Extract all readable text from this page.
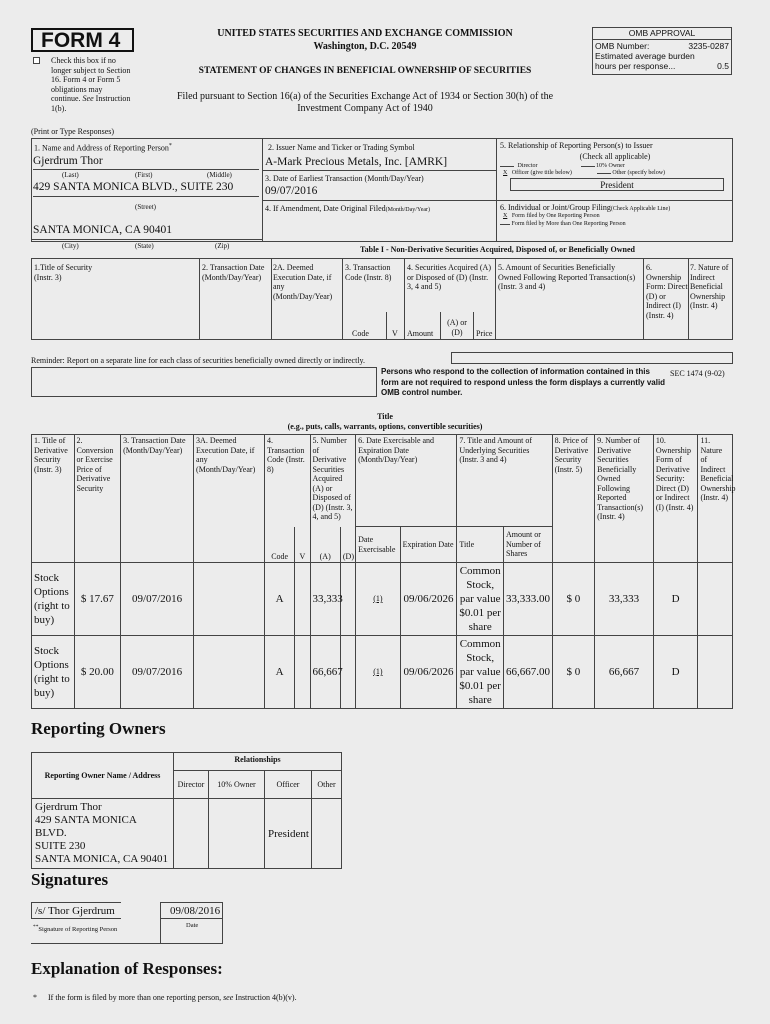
FORM 4
Check this box if no longer subject to Section 16. Form 4 or Form 5 obligations may continue. See Instruction 1(b).
UNITED STATES SECURITIES AND EXCHANGE COMMISSION
Washington, D.C. 20549
STATEMENT OF CHANGES IN BENEFICIAL OWNERSHIP OF SECURITIES
Filed pursuant to Section 16(a) of the Securities Exchange Act of 1934 or Section 30(h) of the
Investment Company Act of 1940
OMB APPROVAL
OMB Number:	3235-0287
Estimated average burden
hours per response...	0.5
(Print or Type Responses)
1. Name and Address of Reporting Person*
Gjerdrum Thor
(Last)	(First)	(Middle)
429 SANTA MONICA BLVD., SUITE 230
(Street)
SANTA MONICA, CA 90401
(City)	(State)	(Zip)
2. Issuer Name and Ticker or Trading Symbol
A-Mark Precious Metals, Inc. [AMRK]
3. Date of Earliest Transaction (Month/Day/Year)
09/07/2016
4. If Amendment, Date Original Filed(Month/Day/Year)
5. Relationship of Reporting Person(s) to Issuer
(Check all applicable)
Director	10% Owner
X Officer (give title below)	Other (specify below)
President
6. Individual or Joint/Group Filing(Check Applicable Line)
X Form filed by One Reporting Person
Form filed by More than One Reporting Person
Table I - Non-Derivative Securities Acquired, Disposed of, or Beneficially Owned
1.Title of Security (Instr. 3)
2. Transaction Date (Month/Day/Year)
2A. Deemed Execution Date, if any (Month/Day/Year)
3. Transaction Code (Instr. 8)
4. Securities Acquired (A) or Disposed of (D) (Instr. 3, 4 and 5)
5. Amount of Securities Beneficially Owned Following Reported Transaction(s) (Instr. 3 and 4)
6. Ownership Form: Direct (D) or Indirect (I) (Instr. 4)
7. Nature of Indirect Beneficial Ownership (Instr. 4)
Code	V Amount
(A) or (D)	Price
Reminder: Report on a separate line for each class of securities beneficially owned directly or indirectly.
Persons who respond to the collection of information contained in this form are not required to respond unless the form displays a currently valid OMB control number.
SEC 1474 (9-02)
Title
(e.g., puts, calls, warrants, options, convertible securities)
1. Title of Derivative Security (Instr. 3)	2. Conversion or Exercise Price of Derivative Security	3. Transaction Date (Month/Day/Year)	3A. Deemed Execution Date, if any (Month/Day/Year)	4. Transaction Code (Instr. 8)		5. Number of Derivative Securities Acquired (A) or Disposed of (D) (Instr. 3, 4, and 5)		6. Date Exercisable and Expiration Date (Month/Day/Year)		7. Title and Amount of Underlying Securities (Instr. 3 and 4)		8. Price of Derivative Security (Instr. 5)	9. Number of Derivative Securities Beneficially Owned Following Reported Transaction(s) (Instr. 4)	10. Ownership Form of Derivative Security: Direct (D) or Indirect (I) (Instr. 4)	11. Nature of Indirect Beneficial Ownership (Instr. 4)
				Code	V	(A)	(D)	Date Exercisable	Expiration Date	Title	Amount or Number of Shares				
Stock Options (right to buy)	$ 17.67	09/07/2016		A		33,333		(1)	09/06/2026	Common Stock, par value $0.01 per share	33,333.00	$ 0	33,333	D	
Stock Options (right to buy)	$ 20.00	09/07/2016		A		66,667		(1)	09/06/2026	Common Stock, par value $0.01 per share	66,667.00	$ 0	66,667	D	
Reporting Owners
Reporting Owner Name / Address	Relationships			
	Director	10% Owner	Officer	Other

Gjerdrum Thor
429 SANTA MONICA BLVD.
SUITE 230
SANTA MONICA, CA 90401			President	
Signatures
/s/ Thor Gjerdrum
**Signature of Reporting Person
09/08/2016
Date
Explanation of Responses:
* If the form is filed by more than one reporting person, see Instruction 4(b)(v).
